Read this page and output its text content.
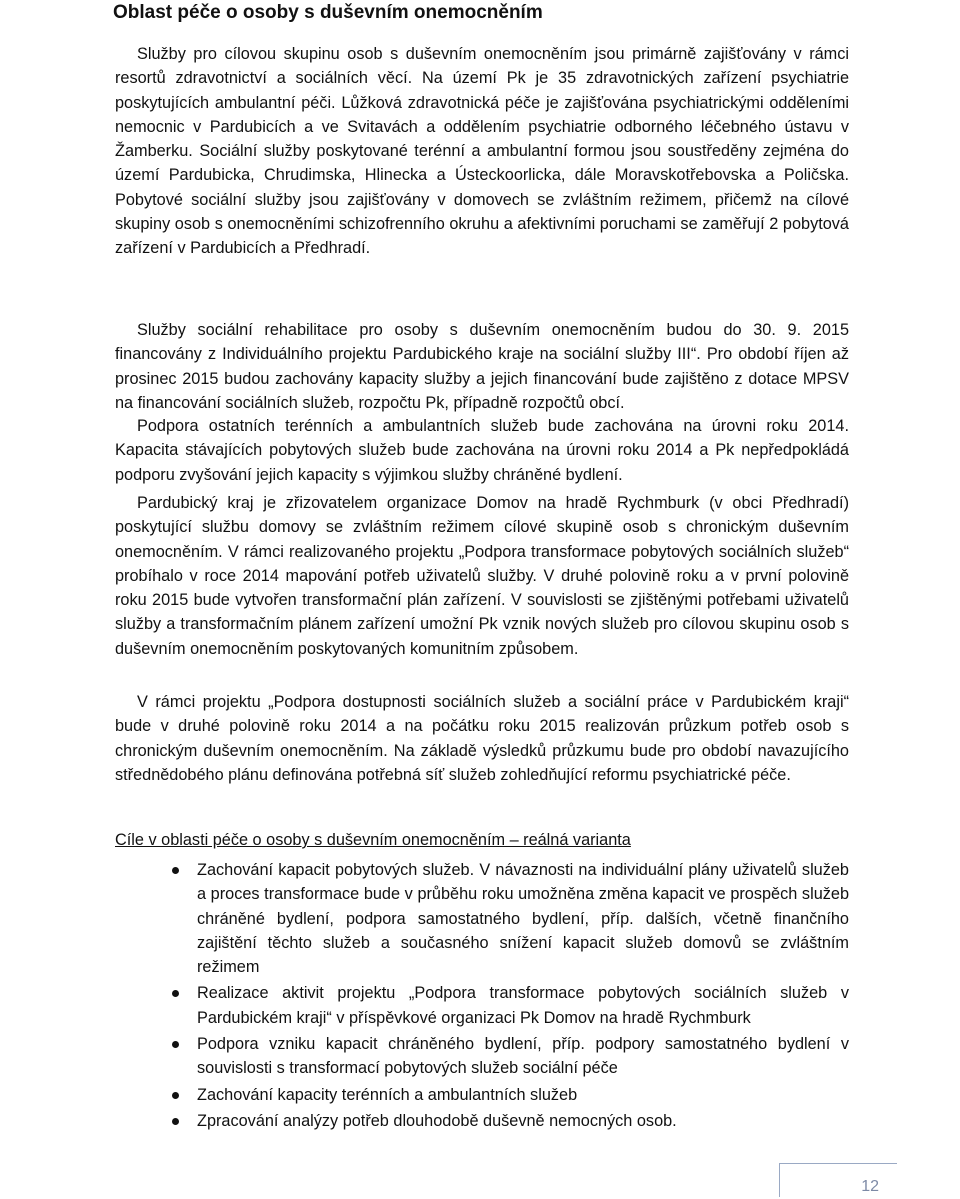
Oblast péče o osoby s duševním onemocněním

Služby pro cílovou skupinu osob s duševním onemocněním jsou primárně zajišťovány v rámci resortů zdravotnictví a sociálních věcí. Na území Pk je 35 zdravotnických zařízení psychiatrie poskytujících ambulantní péči. Lůžková zdravotnická péče je zajišťována psychiatrickými odděleními nemocnic v Pardubicích a ve Svitavách a oddělením psychiatrie odborného léčebného ústavu v Žamberku. Sociální služby poskytované terénní a ambulantní formou jsou soustředěny zejména do území Pardubicka, Chrudimska, Hlinecka a Ústeckoorlicka, dále Moravskotřebovska a Poličska. Pobytové sociální služby jsou zajišťovány v domovech se zvláštním režimem, přičemž na cílové skupiny osob s onemocněními schizofrenního okruhu a afektivními poruchami se zaměřují 2 pobytová zařízení v Pardubicích a Předhradí.

Služby sociální rehabilitace pro osoby s duševním onemocněním budou do 30. 9. 2015 financovány z Individuálního projektu Pardubického kraje na sociální služby III“. Pro období říjen až prosinec 2015 budou zachovány kapacity služby a jejich financování bude zajištěno z dotace MPSV na financování sociálních služeb, rozpočtu Pk, případně rozpočtů obcí.

Podpora ostatních terénních a ambulantních služeb bude zachována na úrovni roku 2014. Kapacita stávajících pobytových služeb bude zachována na úrovni roku 2014 a Pk nepředpokládá podporu zvyšování jejich kapacity s výjimkou služby chráněné bydlení.

Pardubický kraj je zřizovatelem organizace Domov na hradě Rychmburk (v obci Předhradí) poskytující službu domovy se zvláštním režimem cílové skupině osob s chronickým duševním onemocněním. V rámci realizovaného projektu „Podpora transformace pobytových sociálních služeb“ probíhalo v roce 2014 mapování potřeb uživatelů služby. V druhé polovině roku a v první polovině roku 2015 bude vytvořen transformační plán zařízení. V souvislosti se zjištěnými potřebami uživatelů služby a transformačním plánem zařízení umožní Pk vznik nových služeb pro cílovou skupinu osob s duševním onemocněním poskytovaných komunitním způsobem.

V rámci projektu „Podpora dostupnosti sociálních služeb a sociální práce v Pardubickém kraji“ bude v druhé polovině roku 2014 a na počátku roku 2015 realizován průzkum potřeb osob s chronickým duševním onemocněním. Na základě výsledků průzkumu bude pro období navazujícího střednědobého plánu definována potřebná síť služeb zohledňující reformu psychiatrické péče.

Cíle v oblasti péče o osoby s duševním onemocněním – reálná varianta

Zachování kapacit pobytových služeb. V návaznosti na individuální plány uživatelů služeb a proces transformace bude v průběhu roku umožněna změna kapacit ve prospěch služeb chráněné bydlení, podpora samostatného bydlení, příp. dalších, včetně finančního zajištění těchto služeb a současného snížení kapacit služeb domovů se zvláštním režimem
Realizace aktivit projektu „Podpora transformace pobytových sociálních služeb v Pardubickém kraji“ v příspěvkové organizaci Pk Domov na hradě Rychmburk
Podpora vzniku kapacit chráněného bydlení, příp. podpory samostatného bydlení v souvislosti s transformací pobytových služeb sociální péče
Zachování kapacity terénních a ambulantních služeb
Zpracování analýzy potřeb dlouhodobě duševně nemocných osob.
12
